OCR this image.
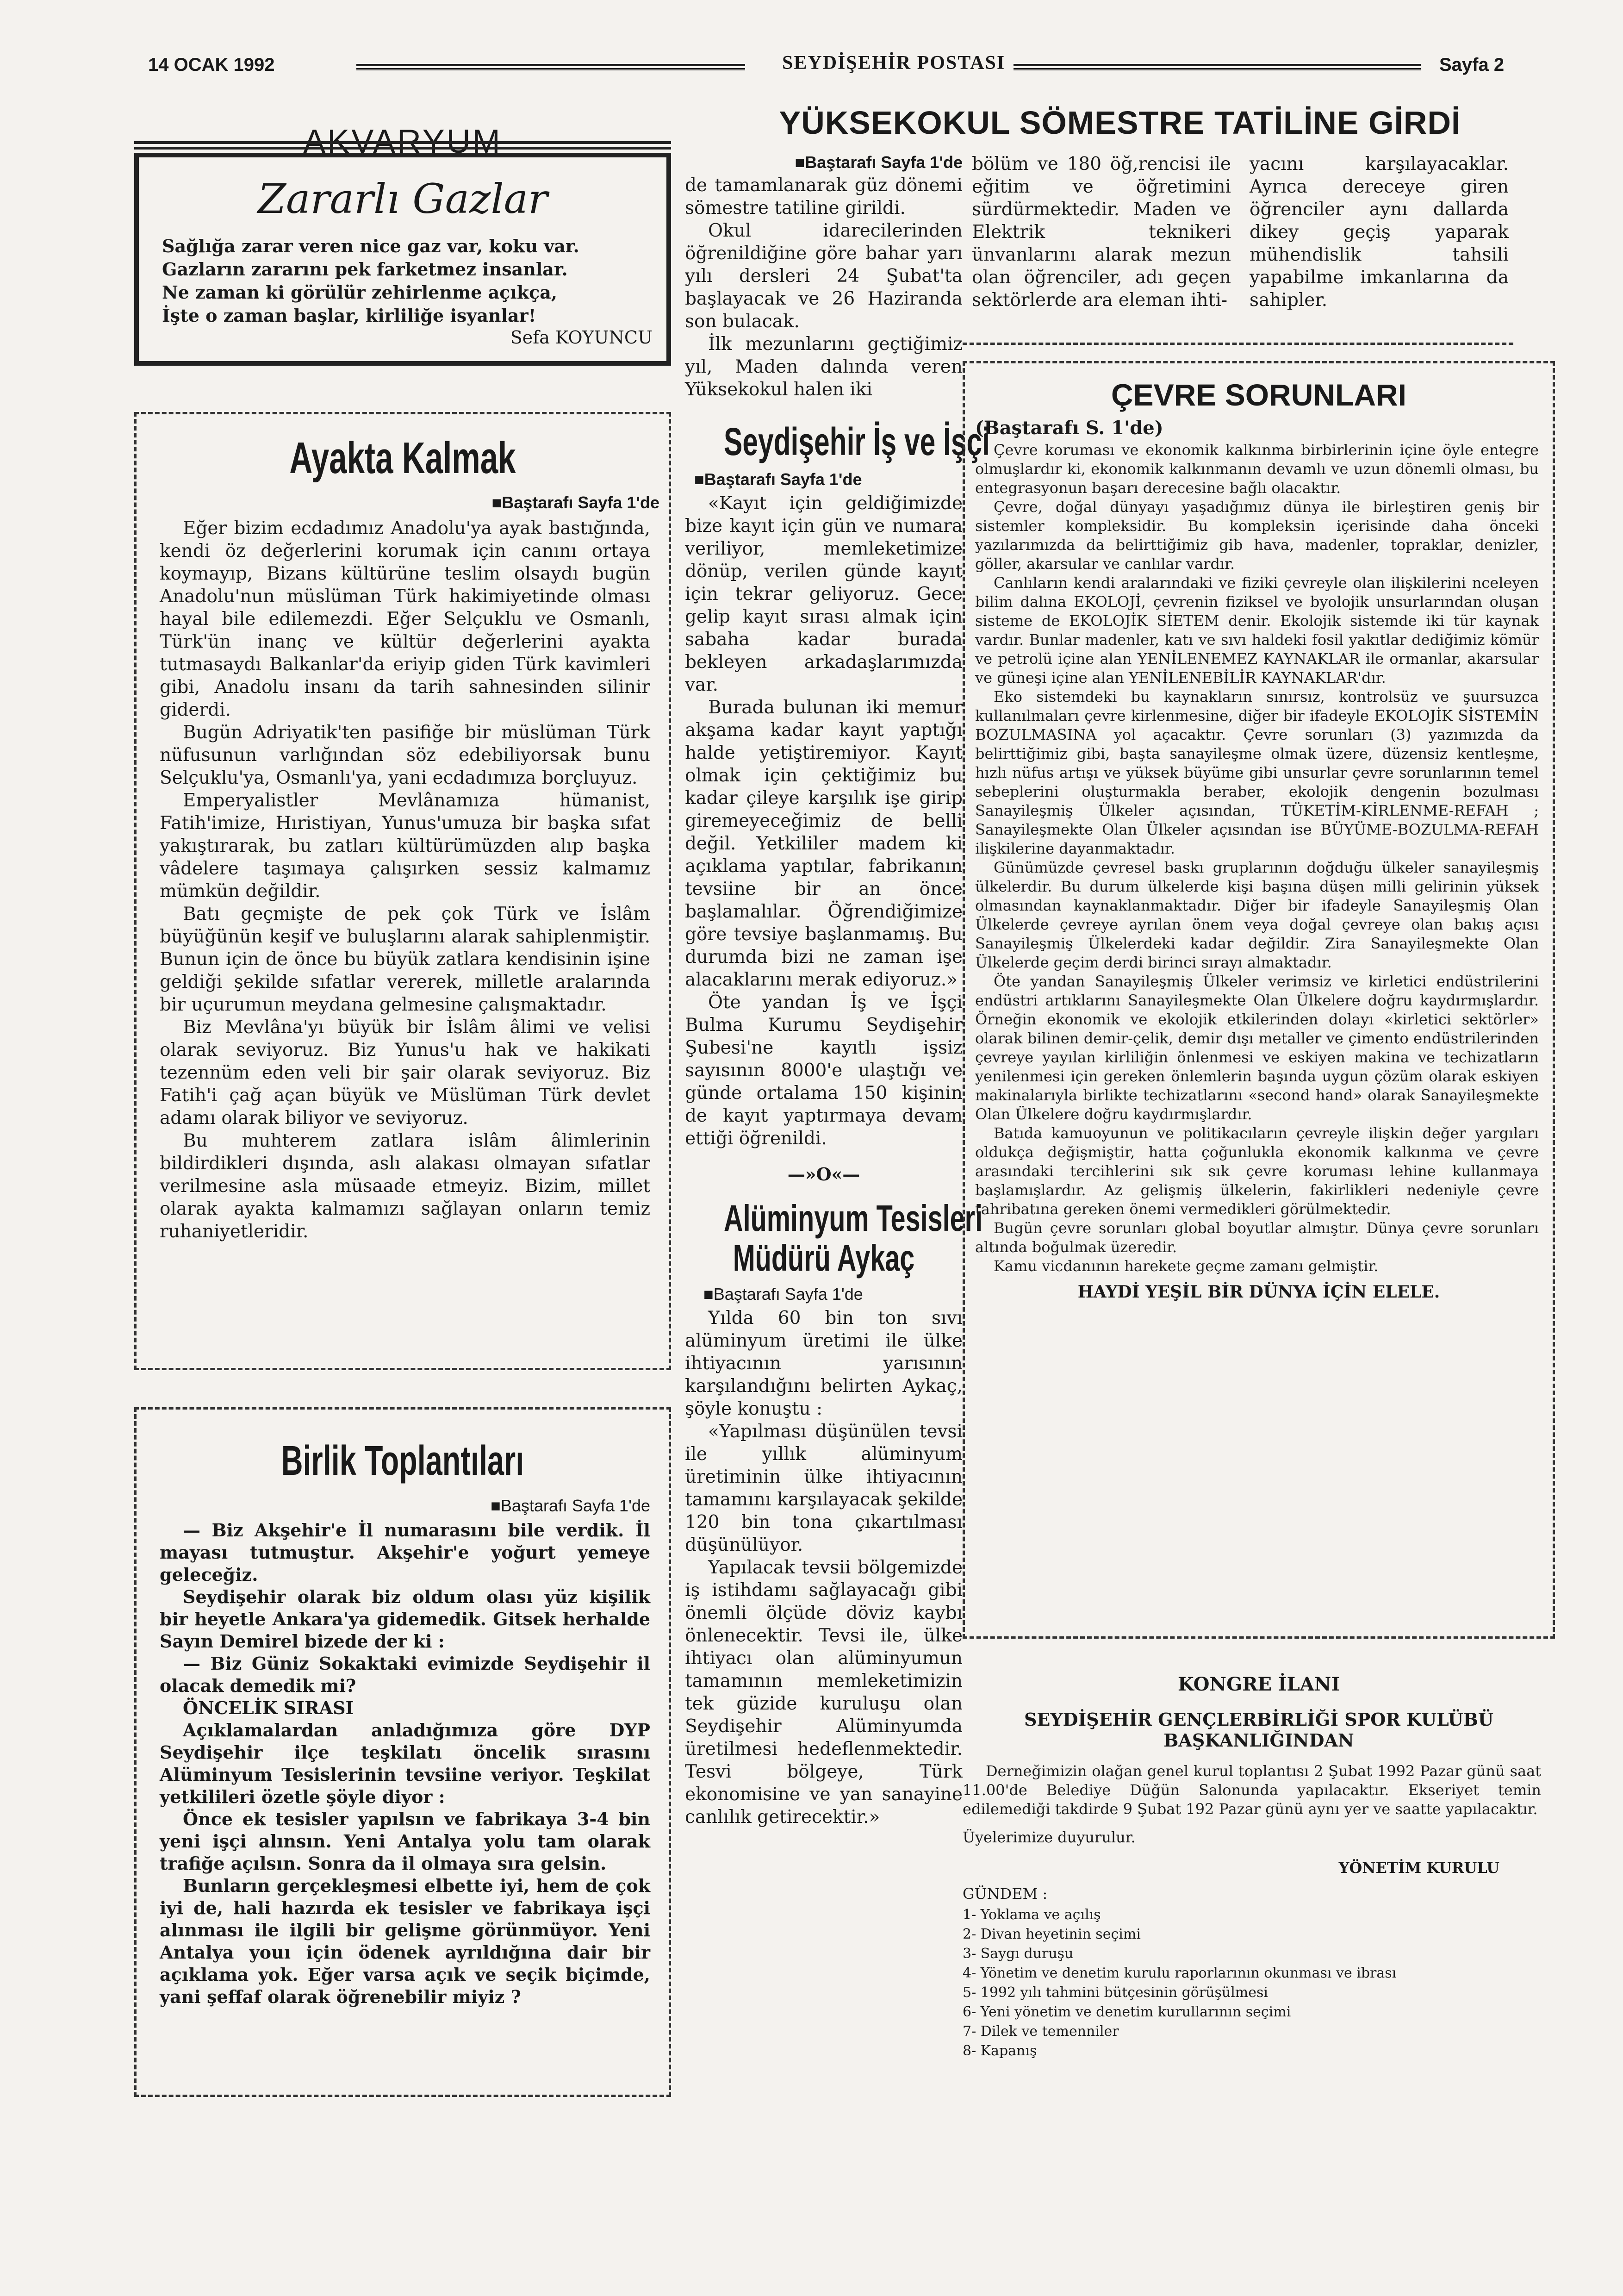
14 OCAK 1992	SEYDİŞEHİR POSTASI	Sayfa 2
AKVARYUM
Zararlı Gazlar
Sağlığa zarar veren nice gaz var, koku var.
Gazların zararını pek farketmez insanlar.
Ne zaman ki görülür zehirlenme açıkça,
İşte o zaman başlar, kirliliğe isyanlar!
Sefa KOYUNCU
Ayakta Kalmak
■ Baştarafı Sayfa 1'de

Eğer bizim ecdadımız Anadolu'ya ayak bastığında, kendi öz değerlerini korumak için canını ortaya koymayıp, Bizans kültürüne teslim olsaydı bugün Anadolu'nun müslüman Türk hakimiyetinde olması hayal bile edilemezdi. Eğer Selçuklu ve Osmanlı, Türk'ün inanç ve kültür değerlerini ayakta tutmasaydı Balkanlar'da eriyip giden Türk kavimleri gibi, Anadolu insanı da tarih sahnesinden silinir giderdi.

Bugün Adriyatik'ten pasifiğe bir müslüman Türk nüfusunun varlığından söz edebiliyorsak bunu Selçuklu'ya, Osmanlı'ya, yani ecdadımıza borçluyuz.

Emperyalistler Mevlânamıza hümanist, Fatih'imize, Hıristiyan, Yunus'umuza bir başka sıfat yakıştırarak, bu zatları kültürümüzden alıp başka vâdelere taşımaya çalışırken sessiz kalmamız mümkün değildir.

Batı geçmişte de pek çok Türk ve İslâm büyüğünün keşif ve buluşlarını alarak sahiplenmiştir. Bunun için de önce bu büyük zatlara kendisinin işine geldiği şekilde sıfatlar vererek, milletle aralarında bir uçurumun meydana gelmesine çalışmaktadır.

Biz Mevlâna'yı büyük bir İslâm âlimi ve velisi olarak seviyoruz. Biz Yunus'u hak ve hakikati tezennüm eden veli bir şair olarak seviyoruz. Biz Fatih'i çağ açan büyük ve Müslüman Türk devlet adamı olarak biliyor ve seviyoruz.

Bu muhterem zatlara islâm âlimlerinin bildirdikleri dışında, aslı alakası olmayan sıfatlar verilmesine asla müsaade etmeyiz. Bizim, millet olarak ayakta kalmamızı sağlayan onların temiz ruhaniyetleridir.

Birlik Toplantıları
■ Baştarafı Sayfa 1'de

— Biz Akşehir'e İl numarasını bile verdik. İl mayası tutmuştur. Akşehir'e yoğurt yemeye geleceğiz.

Seydişehir olarak biz oldum olası yüz kişilik bir heyetle Ankara'ya gidemedik. Gitsek herhalde Sayın Demirel bizede der ki :

— Biz Güniz Sokaktaki evimizde Seydişehir il olacak demedik mi?

ÖNCELİK SIRASI

Açıklamalardan anladığımıza göre DYP Seydişehir ilçe teşkilatı öncelik sırasını Alüminyum Tesislerinin tevsiine veriyor. Teşkilat yetkilileri özetle şöyle diyor :

Önce ek tesisler yapılsın ve fabrikaya 3-4 bin yeni işçi alınsın. Yeni Antalya yolu tam olarak trafiğe açılsın. Sonra da il olmaya sıra gelsin.

Bunların gerçekleşmesi elbette iyi, hem de çok iyi de, hali hazırda ek tesisler ve fabrikaya işçi alınması ile ilgili bir gelişme görünmüyor. Yeni Antalya youı için ödenek ayrıldığına dair bir açıklama yok. Eğer varsa açık ve seçik biçimde, yani şeffaf olarak öğrenebilir miyiz ?

YÜKSEKOKUL SÖMESTRE TATİLİNE GİRDİ
■ Baştarafı Sayfa 1'de

de tamamlanarak güz dönemi sömestre tatiline girildi.

Okul idarecilerinden öğrenildiğine göre bahar yarı yılı dersleri 24 Şubat'ta başlayacak ve 26 Haziranda son bulacak.

İlk mezunlarını geçtiğimiz yıl, Maden dalında veren Yüksekokul halen iki

Seydişehir İş ve İşçi
■ Baştarafı Sayfa 1'de

«Kayıt için geldiğimizde bize kayıt için gün ve numara veriliyor, memleketimize dönüp, verilen günde kayıt için tekrar geliyoruz. Gece gelip kayıt sırası almak için sabaha kadar burada bekleyen arkadaşlarımızda var.

Burada bulunan iki memur akşama kadar kayıt yaptığı halde yetiştiremiyor. Kayıt olmak için çektiğimiz bu kadar çileye karşılık işe girip giremeyeceğimiz de belli değil. Yetkililer madem ki açıklama yaptılar, fabrikanın tevsiine bir an önce başlamalılar. Öğrendiğimize göre tevsiye başlanmamış. Bu durumda bizi ne zaman işe alacaklarını merak ediyoruz.»

Öte yandan İş ve İşçi Bulma Kurumu Seydişehir Şubesi'ne kayıtlı işsiz sayısının 8000'e ulaştığı ve günde ortalama 150 kişinin de kayıt yaptırmaya devam ettiği öğrenildi.

—»O«—
Alüminyum Tesisleri
Müdürü Aykaç
■ Baştarafı Sayfa 1'de

Yılda 60 bin ton sıvı alüminyum üretimi ile ülke ihtiyacının yarısının karşılandığını belirten Aykaç, şöyle konuştu :

«Yapılması düşünülen tevsi ile yıllık alüminyum üretiminin ülke ihtiyacının tamamını karşılayacak şekilde 120 bin tona çıkartılması düşünülüyor.

Yapılacak tevsii bölgemizde iş istihdamı sağlayacağı gibi önemli ölçüde döviz kaybı önlenecektir. Tevsi ile, ülke ihtiyacı olan alüminyumun tamamının memleketimizin tek güzide kuruluşu olan Seydişehir Alüminyumda üretilmesi hedeflenmektedir. Tesvi bölgeye, Türk ekonomisine ve yan sanayine canlılık getirecektir.»

bölüm ve 180 öğ,rencisi ile eğitim ve öğretimini sürdürmektedir. Maden ve Elektrik teknikeri ünvanlarını alarak mezun olan öğrenciler, adı geçen sektörlerde ara eleman ihti-
yacını karşılayacaklar. Ayrıca dereceye giren öğrenciler aynı dallarda dikey geçiş yaparak mühendislik tahsili yapabilme imkanlarına da sahipler.
ÇEVRE SORUNLARI
(Baştarafı S. 1'de)

Çevre koruması ve ekonomik kalkınma birbirlerinin içine öyle entegre olmuşlardır ki, ekonomik kalkınmanın devamlı ve uzun dönemli olması, bu entegrasyonun başarı derecesine bağlı olacaktır.

Çevre, doğal dünyayı yaşadığımız dünya ile birleştiren geniş bir sistemler kompleksidir. Bu kompleksin içerisinde daha önceki yazılarımızda da belirttiğimiz gib hava, madenler, topraklar, denizler, göller, akarsular ve canlılar vardır.

Canlıların kendi aralarındaki ve fiziki çevreyle olan ilişkilerini nceleyen bilim dalına EKOLOJİ, çevrenin fiziksel ve byolojik unsurlarından oluşan sisteme de EKOLOJİK SİETEM denir. Ekolojik sistemde iki tür kaynak vardır. Bunlar madenler, katı ve sıvı haldeki fosil yakıtlar dediğimiz kömür ve petrolü içine alan YENİLENEMEZ KAYNAKLAR ile ormanlar, akarsular ve güneşi içine alan YENİLENEBİLİR KAYNAKLAR'dır.

Eko sistemdeki bu kaynakların sınırsız, kontrolsüz ve şuursuzca kullanılmaları çevre kirlenmesine, diğer bir ifadeyle EKOLOJİK SİSTEMİN BOZULMASINA yol açacaktır. Çevre sorunları (3) yazımızda da belirttiğimiz gibi, başta sanayileşme olmak üzere, düzensiz kentleşme, hızlı nüfus artışı ve yüksek büyüme gibi unsurlar çevre sorunlarının temel sebeplerini oluşturmakla beraber, ekolojik dengenin bozulması Sanayileşmiş Ülkeler açısından, TÜKETİM-KİRLENME-REFAH ; Sanayileşmekte Olan Ülkeler açısından ise BÜYÜME-BOZULMA-REFAH ilişkilerine dayanmaktadır.

Günümüzde çevresel baskı gruplarının doğduğu ülkeler sanayileşmiş ülkelerdir. Bu durum ülkelerde kişi başına düşen milli gelirinin yüksek olmasından kaynaklanmaktadır. Diğer bir ifadeyle Sanayileşmiş Olan Ülkelerde çevreye ayrılan önem veya doğal çevreye olan bakış açısı Sanayileşmiş Ülkelerdeki kadar değildir. Zira Sanayileşmekte Olan Ülkelerde geçim derdi birinci sırayı almaktadır.

Öte yandan Sanayileşmiş Ülkeler verimsiz ve kirletici endüstrilerini endüstri artıklarını Sanayileşmekte Olan Ülkelere doğru kaydırmışlardır. Örneğin ekonomik ve ekolojik etkilerinden dolayı «kirletici sektörler» olarak bilinen demir-çelik, demir dışı metaller ve çimento endüstrilerinden çevreye yayılan kirliliğin önlenmesi ve eskiyen makina ve techizatların yenilenmesi için gereken önlemlerin başında uygun çözüm olarak eskiyen makinalarıyla birlikte techizatlarını «second hand» olarak Sanayileşmekte Olan Ülkelere doğru kaydırmışlardır.

Batıda kamuoyunun ve politikacıların çevreyle ilişkin değer yargıları oldukça değişmiştir, hatta çoğunlukla ekonomik kalkınma ve çevre arasındaki tercihlerini sık sık çevre koruması lehine kullanmaya başlamışlardır. Az gelişmiş ülkelerin, fakirlikleri nedeniyle çevre tahribatına gereken önemi vermedikleri görülmektedir.

Bugün çevre sorunları global boyutlar almıştır. Dünya çevre sorunları altında boğulmak üzeredir.

Kamu vicdanının harekete geçme zamanı gelmiştir.

HAYDİ YEŞİL BİR DÜNYA İÇİN ELELE.
KONGRE İLANI
SEYDİŞEHİR GENÇLERBİRLİĞİ SPOR KULÜBÜ
BAŞKANLIĞINDAN
Derneğimizin olağan genel kurul toplantısı 2 Şubat 1992 Pazar günü saat 11.00'de Belediye Düğün Salonunda yapılacaktır. Ekseriyet temin edilemediği takdirde 9 Şubat 192 Pazar günü aynı yer ve saatte yapılacaktır.
Üyelerimize duyurulur.
YÖNETİM KURULU
GÜNDEM :
1- Yoklama ve açılış
2- Divan heyetinin seçimi
3- Saygı duruşu
4- Yönetim ve denetim kurulu raporlarının okunması ve ibrası
5- 1992 yılı tahmini bütçesinin görüşülmesi
6- Yeni yönetim ve denetim kurullarının seçimi
7- Dilek ve temenniler
8- Kapanış
